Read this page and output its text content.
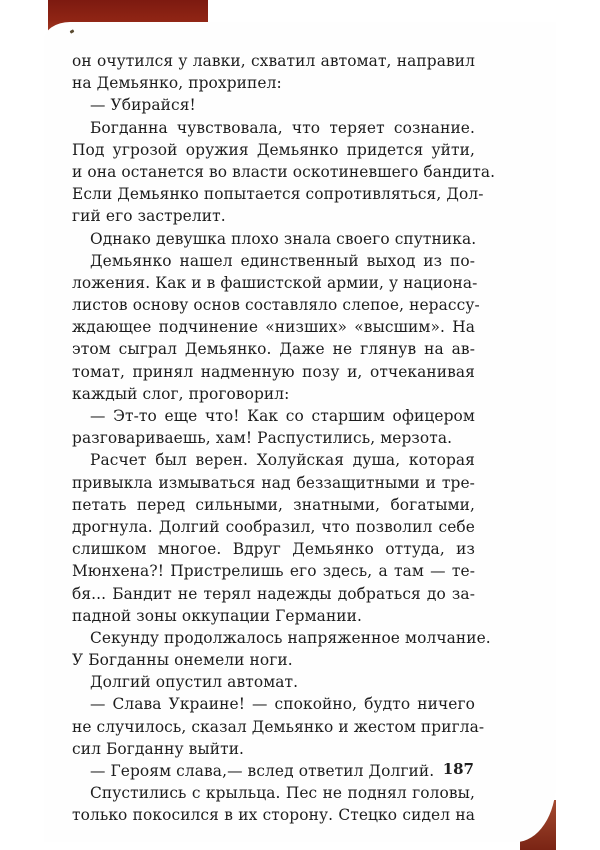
он очутился у лавки, схватил автомат, направил
на Демьянко, прохрипел:
— Убирайся!
Богданна чувствовала, что теряет сознание.
Под угрозой оружия Демьянко придется уйти,
и она останется во власти оскотиневшего бандита.
Если Демьянко попытается сопротивляться, Дол-
гий его застрелит.
Однако девушка плохо знала своего спутника.
Демьянко нашел единственный выход из по-
ложения. Как и в фашистской армии, у национа-
листов основу основ составляло слепое, нерассу-
ждающее подчинение «низших» «высшим». На
этом сыграл Демьянко. Даже не глянув на ав-
томат, принял надменную позу и, отчеканивая
каждый слог, проговорил:
— Эт-то еще что! Как со старшим офицером
разговариваешь, хам! Распустились, мерзота.
Расчет был верен. Холуйская душа, которая
привыкла измываться над беззащитными и тре-
петать перед сильными, знатными, богатыми,
дрогнула. Долгий сообразил, что позволил себе
слишком многое. Вдруг Демьянко оттуда, из
Мюнхена?! Пристрелишь его здесь, а там — те-
бя... Бандит не терял надежды добраться до за-
падной зоны оккупации Германии.
Секунду продолжалось напряженное молчание.
У Богданны онемели ноги.
Долгий опустил автомат.
— Слава Украине! — спокойно, будто ничего
не случилось, сказал Демьянко и жестом пригла-
сил Богданну выйти.
— Героям слава,— вслед ответил Долгий.
Спустились с крыльца. Пес не поднял головы,
только покосился в их сторону. Стецко сидел на
187
